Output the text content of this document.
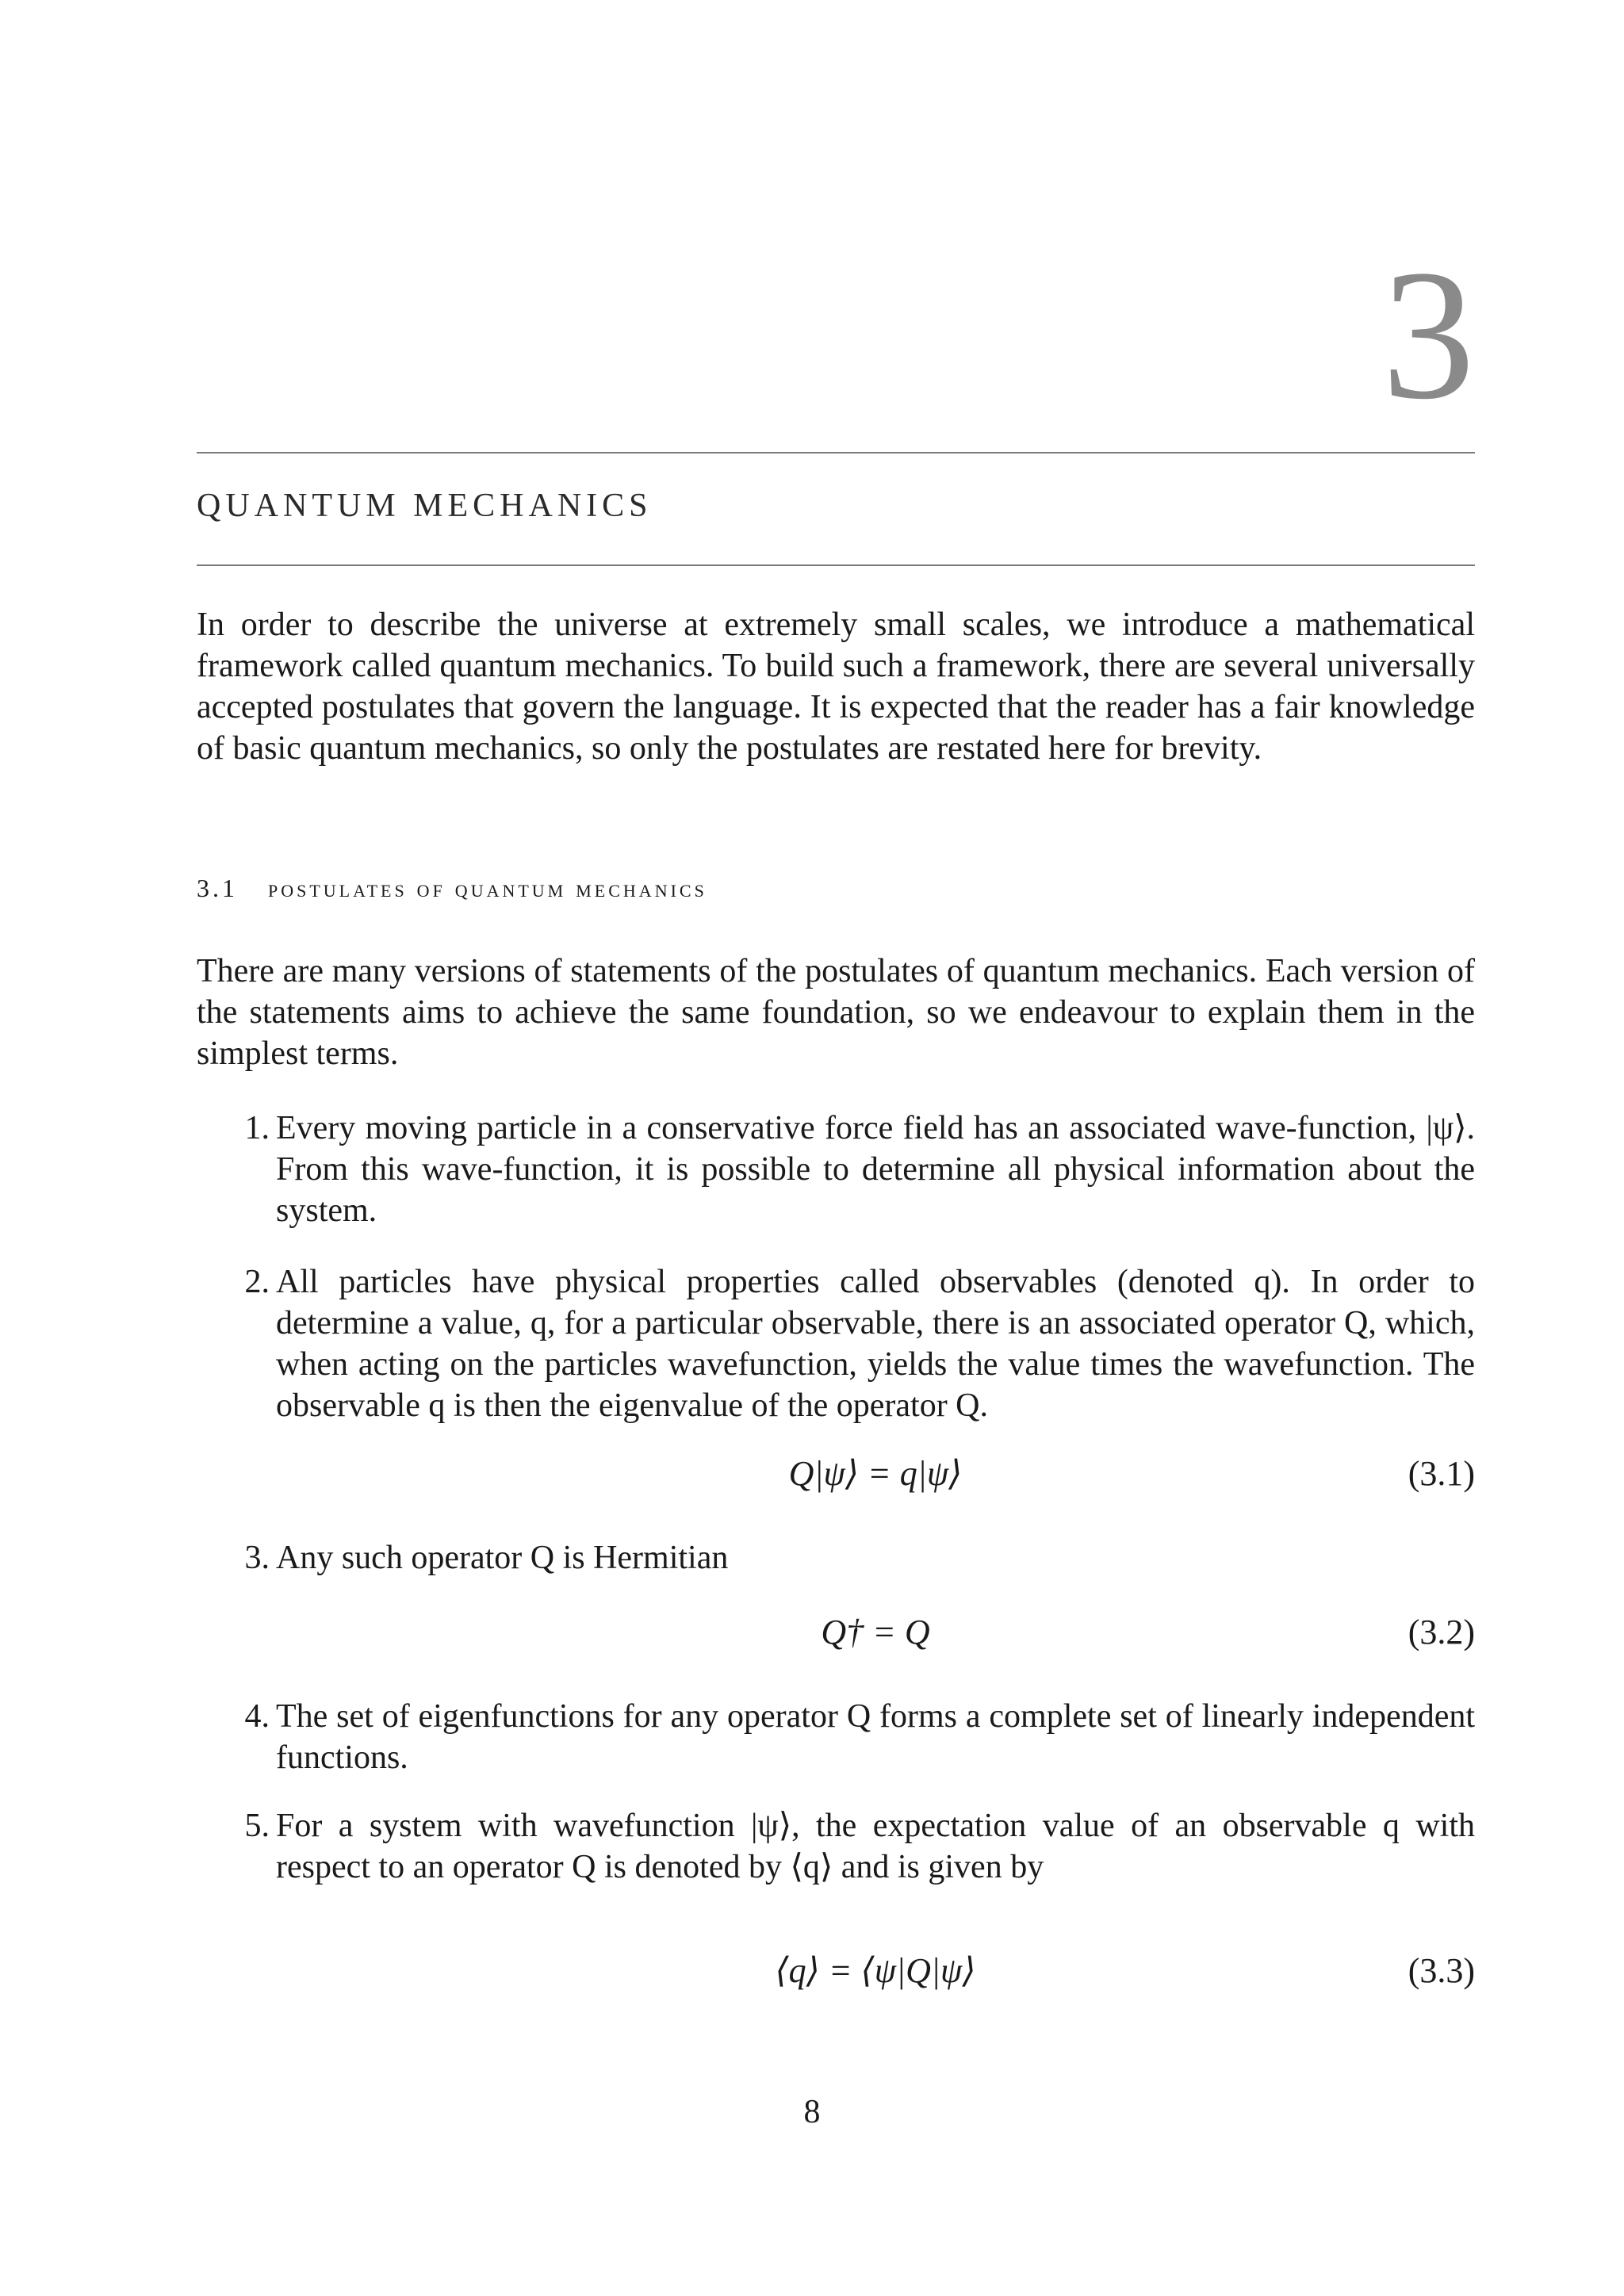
3
QUANTUM MECHANICS

In order to describe the universe at extremely small scales, we introduce a mathematical framework called quantum mechanics. To build such a framework, there are several universally accepted postulates that govern the language. It is expected that the reader has a fair knowledge of basic quantum mechanics, so only the postulates are restated here for brevity.

3.1 postulates of quantum mechanics

There are many versions of statements of the postulates of quantum mechanics. Each version of the statements aims to achieve the same foundation, so we endeavour to explain them in the simplest terms.

1. Every moving particle in a conservative force field has an associated wave-function, |ψ⟩. From this wave-function, it is possible to determine all physical information about the system.
2. All particles have physical properties called observables (denoted q). In order to determine a value, q, for a particular observable, there is an associated operator Q, which, when acting on the particles wavefunction, yields the value times the wavefunction. The observable q is then the eigenvalue of the operator Q.
Q|ψ⟩ = q|ψ⟩	(3.1)
3. Any such operator Q is Hermitian
Q† = Q	(3.2)
4. The set of eigenfunctions for any operator Q forms a complete set of linearly independent functions.
5. For a system with wavefunction |ψ⟩, the expectation value of an observable q with respect to an operator Q is denoted by ⟨q⟩ and is given by
⟨q⟩ = ⟨ψ|Q|ψ⟩	(3.3)
8
